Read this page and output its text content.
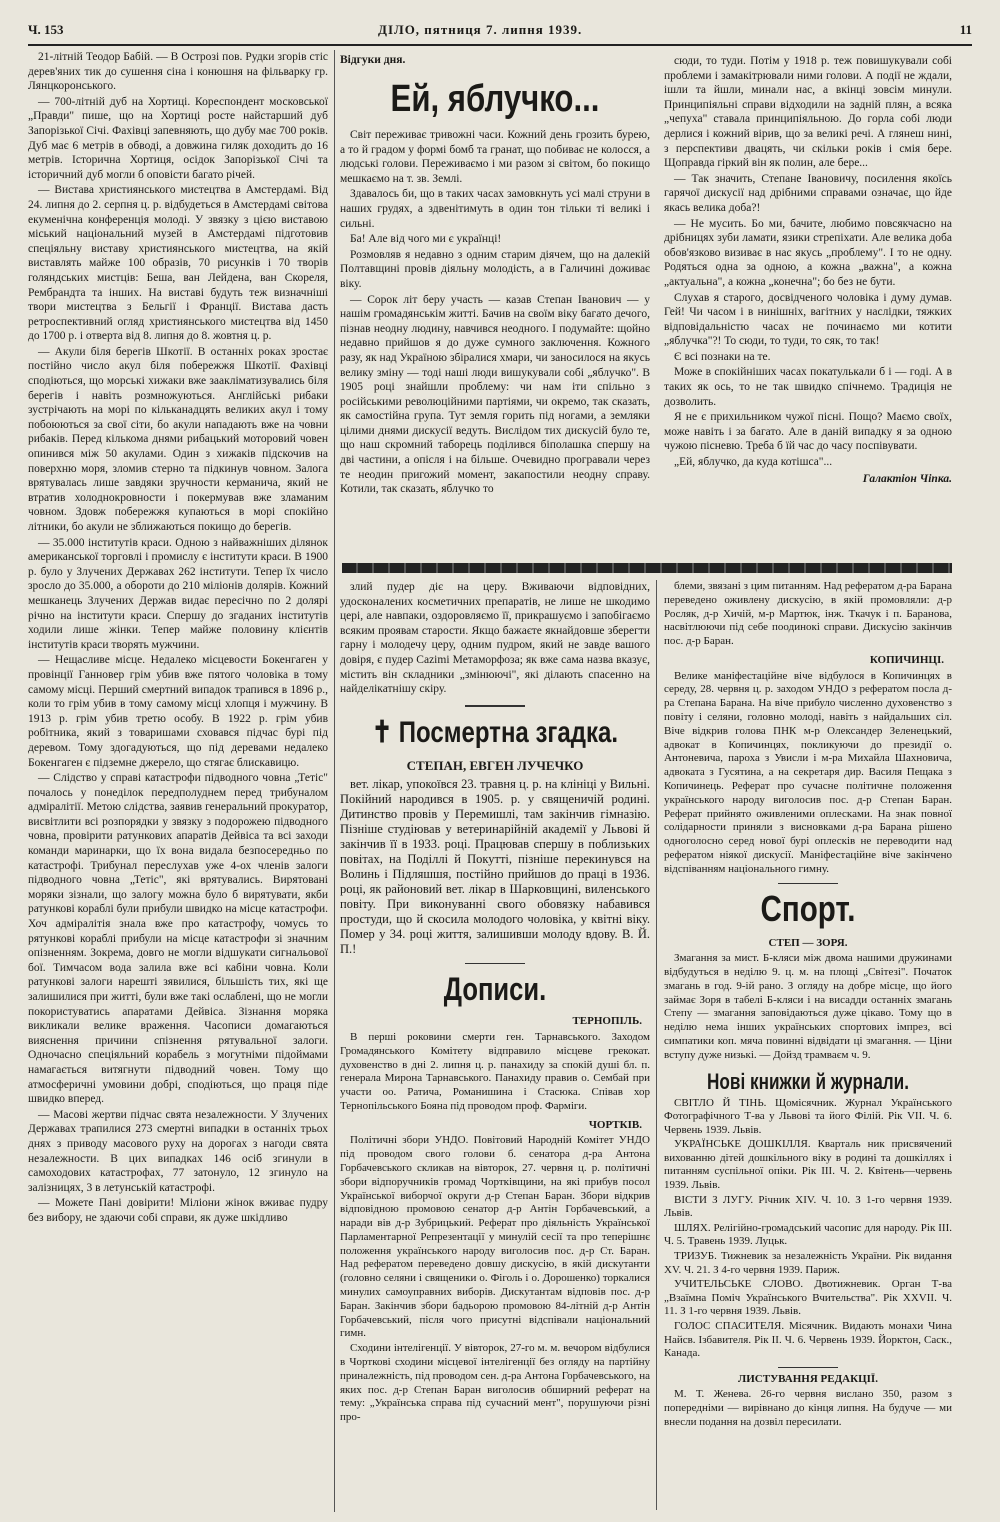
Ч. 153	ДІЛО, пятниця 7. липня 1939.	11

21-літній Теодор Бабій. — В Острозі пов. Рудки згорів стіс дерев'яних тик до сушення сіна і конюшня на фільварку гр. Лянцкоронського.

— 700-літній дуб на Хортиці. Кореспондент московської „Правди" пише, що на Хортиці росте найстарший дуб Запорізької Січі. Фахівці запевняють, що дубу має 700 років. Дуб має 6 метрів в обводі, а довжина гиляк доходить до 16 метрів. Історична Хортиця, осідок Запорізької Січі та історичний дуб могли б оповісти багато річей.

— Вистава християнського мистецтва в Амстердамі. Від 24. липня до 2. серпня ц. р. відбудеться в Амстердамі світова екуменічна конференція молоді. У звязку з цією виставою міський національний музей в Амстердамі підготовив спеціяльну виставу християнського мистецтва, на якій виставлять майже 100 образів, 70 рисунків і 70 творів голяндських мистців: Беша, ван Лейдена, ван Скореля, Рембрандта та інших. На виставі будуть теж визначніші твори мистецтва з Бельгії і Франції. Вистава дасть ретроспективний огляд християнського мистецтва від 1450 до 1700 р. і отверта від 8. липня до 8. жовтня ц. р.

— Акули біля берегів Шкотії. В останніх роках зростає постійно число акул біля побережжя Шкотії. Фахівці сподіються, що морські хижаки вже заакліматизувались біля берегів і навіть розмножуються. Англійські рибаки зустрічають на морі по кільканадцять великих акул і тому побоюються за свої сіти, бо акули нападають вже на човни рибаків. Перед кількома днями рибацький моторовий човен опинився між 50 акулами. Один з хижаків підскочив на поверхню моря, зломив стерно та підкинув човном. Залога врятувалась лише завдяки зручности керманича, який не втратив холоднокровности і покермував вже зламаним човном. Здовж побережжя купаються в морі спокійно літники, бо акули не зближаються покищо до берегів.

— 35.000 інститутів краси. Одною з найважніших ділянок американської торговлі і промислу є інститути краси. В 1900 р. було у Злучених Державах 262 інститути. Тепер їх число зросло до 35.000, а обороти до 210 міліонів долярів. Кожний мешканець Злучених Держав видає пересічно по 2 долярі річно на інститути краси. Спершу до згаданих інститутів ходили лише жінки. Тепер майже половину клієнтів інститутів краси творять мужчини.

— Нещасливе місце. Недалеко місцевости Бокенгаген у провінції Ганновер грім убив вже пятого чоловіка в тому самому місці. Перший смертний випадок трапився в 1896 р., коли то грім убив в тому самому місці хлопця і мужчину. В 1913 р. грім убив третю особу. В 1922 р. грім убив робітника, який з товаришами сховався підчас бурі під деревом. Тому здогадуються, що під деревами недалеко Бокенгаген є підземне джерело, що стягає блискавицю.

— Слідство у справі катастрофи підводного човна „Тетіс" почалось у понеділок передполуднем перед трибуналом адміралітії. Метою слідства, заявив генеральний прокуратор, висвітлити всі розпорядки у звязку з подорожею підводного човна, провірити ратункових апаратів Дейвіса та всі заходи команди маринарки, що їх вона видала безпосередньо по катастрофі. Трибунал переслухав уже 4-ох членів залоги підводного човна „Тетіс", які врятувались. Вирятовані моряки зізнали, що залогу можна було б вирятувати, якби ратункові кораблі були прибули швидко на місце катастрофи. Хоч адміралітія знала вже про катастрофу, чомусь то рятункові кораблі прибули на місце катастрофи зі значним опізненням. Зокрема, довго не могли відшукати сигнальової бої. Тимчасом вода залила вже всі кабіни човна. Коли ратункові залоги нарешті зявилися, більшість тих, які ще залишилися при житті, були вже такі ослаблені, що не могли покористуватись апаратами Дейвіса. Зізнання моряка викликали велике враження. Часописи домагаються вияснення причини спізнення рятувальної залоги. Одночасно спеціяльний корабель з могутніми підоймами намагається витягнути підводний човен. Тому що атмосферичні умовини добрі, сподіються, що праця піде швидко вперед.

— Масові жертви підчас свята незалежности. У Злучених Державах трапилися 273 смертні випадки в останніх трьох днях з приводу масового руху на дорогах з нагоди свята незалежности. В цих випадках 146 осіб згинули в самоходових катастрофах, 77 затонуло, 12 згинуло на залізницях, 3 в летунській катастрофі.

— Можете Пані довірити! Міліони жінок вживає пудру без вибору, не здаючи собі справи, як дуже шкідливо

Відгуки дня.
Ей, яблучко...

Світ переживає тривожні часи. Кожний день грозить бурею, а то й градом у формі бомб та гранат, що побиває не колосся, а людські голови. Переживаємо і ми разом зі світом, бо покищо мешкаємо на т. зв. Землі.

Здавалось би, що в таких часах замовкнуть усі малі струни в наших грудях, а здвенітимуть в один тон тільки ті великі і сильні.

Ба! Але від чого ми є українці!

Розмовляв я недавно з одним старим діячем, що на далекій Полтавщині провів діяльну молодість, а в Галичині доживає віку.

— Сорок літ беру участь — казав Степан Іванович — у нашім громадянськім житті. Бачив на своїм віку багато дечого, пізнав неодну людину, навчився неодного. І подумайте: щойно недавно прийшов я до дуже сумного заключення. Кожного разу, як над Україною збіралися хмари, чи заносилося на якусь велику зміну — тоді наші люди вишукували собі „яблучко". В 1905 році знайшли проблему: чи нам іти спільно з російськими революційними партіями, чи окремо, так сказать, як самостійна група. Тут земля горить під ногами, а земляки цілими днями дискусії ведуть. Вислідом тих дискусій було те, що наш скромний таборець поділився біполашка спершу на дві частини, а опісля і на більше. Очевидно програвали через те неодин пригожий момент, закапостили неодну справу. Котили, так сказать, яблучко то

сюди, то туди. Потім у 1918 р. теж повишукували собі проблеми і замакітрювали ними голови. А події не ждали, ішли та йшли, минали нас, а вкінці зовсім минули. Принципіяльні справи відходили на задній плян, а всяка „чепуха" ставала принципіяльною. До горла собі люди дерлися і кожний вірив, що за великі речі. А глянеш нині, з перспективи двацять, чи скільки років і смія бере. Щоправда гіркий він як полин, але бере...

— Так значить, Степане Івановичу, посилення якоїсь гарячої дискусії над дрібними справами означає, що йде якась велика доба?!

— Не мусить. Бо ми, бачите, любимо повсякчасно на дрібницях зуби ламати, язики стрепіхати. Але велика доба обов'язково визиває в нас якусь „проблему". І то не одну. Родяться одна за одною, а кожна „важна", а кожна „актуальна", а кожна „конечна"; бо без не бути.

Слухав я старого, досвідченого чоловіка і думу думав. Гей! Чи часом і в нинішніх, вагітних у наслідки, тяжких відповідальністю часах не починаємо ми котити „яблучка"?! То сюди, то туди, то сяк, то так!

Є всі познаки на те.

Може в спокійніших часах покатулькали б і — годі. А в таких як ось, то не так швидко спічнемо. Традиція не дозволить.

Я не є прихильником чужої пісні. Пощо? Маємо своїх, може навіть і за багато. Але в даній випадку я за одною чужою пісневю. Треба б їй час до часу поспівувати.

„Ей, яблучко, да куда котішса"...

Галактіон Чіпка.

злий пудер діє на церу. Вживаючи відповідних, удосконалених косметичних препаратів, не лише не шкодимо цері, але навпаки, оздоровляємо її, прикрашуємо і запобігаємо всяким проявам старости. Якщо бажаєте якнайдовше зберегти гарну і молодечу церу, одним пудром, який не завде вашого довіря, є пудер Cazimi Метаморфоза; як вже сама назва вказує, містить він складники „змінюючі", які ділають спасенно на найделікатнішу скіру.

✝ Посмертна згадка.
СТЕПАН, ЕВГЕН ЛУЧЕЧКО

вет. лікар, упокоївся 23. травня ц. р. на клініці у Вильні. Покійний народився в 1905. р. у священичій родині. Дитинство провів у Перемишлі, там закінчив гімназію. Пізніше студіював у ветеринарійній академії у Львові й закінчив її в 1933. році. Працював спершу в поблизьких повітах, на Поділлі й Покутті, пізніше перекинувся на Волинь і Підляшшя, постійно прийшов до праці в 1936. році, як районовий вет. лікар в Шарковщині, виленського повіту. При виконуванні свого обовязку набавився простуди, що й скосила молодого чоловіка, у квітні віку. Помер у 34. році життя, залишивши молоду вдову. В. Й. П.!

Дописи.
ТЕРНОПІЛЬ.

В перші роковини смерти ген. Тарнавського. Заходом Громадянського Комітету відправило місцеве грекокат. духовенство в дні 2. липня ц. р. панахиду за спокій душі бл. п. генерала Мирона Тарнавського. Панахиду правив о. Сембай при участи оо. Ратича, Романишина і Стасюка. Співав хор Тернопільського Бояна під проводом проф. Фарміги.

ЧОРТКІВ.

Політичні збори УНДО. Повітовий Народній Комітет УНДО під проводом свого голови б. сенатора д-ра Антона Горбачевського скликав на вівторок, 27. червня ц. р. політичні збори відпоручників громад Чортківщини, на які прибув посол Української виборчої округи д-р Степан Баран. Збори відкрив відповідною промовою сенатор д-р Антін Горбачевський, а наради вів д-р Зубрицький. Реферат про діяльність Української Парламентарної Репрезентації у минулій сесії та про теперішнє положення українського народу виголосив пос. д-р Ст. Баран. Над рефератом переведено довшу дискусію, в якій дискутанти (головно селяни і священики о. Фіголь і о. Дорошенко) торкалися минулих самоуправних виборів. Дискутантам відповів пос. д-р Баран. Закінчив збори бадьорою промовою 84-літній д-р Антін Горбачевський, після чого присутні відспівали національний гимн.

Сходини інтелігенції. У вівторок, 27-го м. м. вечором відбулися в Чорткові сходини місцевої інтелігенції без огляду на партійну приналежність, під проводом сен. д-ра Антона Горбачевського, на яких пос. д-р Степан Баран виголосив обширний реферат на тему: „Українська справа під сучасний мент", порушуючи різні про-

блеми, звязані з цим питанням. Над рефератом д-ра Барана переведено оживлену дискусію, в якій промовляли: д-р Росляк, д-р Хичій, м-р Мартюк, інж. Ткачук і п. Баранова, насвітлюючи під себе поодинокі справи. Дискусію закінчив пос. д-р Баран.

КОПИЧИНЦІ.

Велике маніфестаційне віче відбулося в Копичинцях в середу, 28. червня ц. р. заходом УНДО з рефератом посла д-ра Степана Барана. На віче прибуло численно духовенство з повіту і селяни, головно молоді, навіть з найдальших сіл. Віче відкрив голова ПНК м-р Олександер Зеленецький, адвокат в Копичинцях, покликуючи до президії о. Антоневича, пароха з Увисли і м-ра Михайла Шахновича, адвоката з Гусятина, а на секретаря дир. Василя Пещака з Копичинець. Реферат про сучасне політичне положення українського народу виголосив пос. д-р Степан Баран. Реферат прийнято оживленими оплесками. На знак повної солідарности приняли з висновками д-ра Барана рішено одноголосно серед нової бурі оплесків не переводити над рефератом ніякої дискусії. Маніфестаційне віче закінчено відспіванням національного гимну.

Спорт.
СТЕП — ЗОРЯ.

Змагання за мист. Б-кляси між двома нашими дружинами відбудуться в неділю 9. ц. м. на площі „Світезі". Початок змагань в год. 9-ій рано. З огляду на добре місце, що його займає Зоря в табелі Б-кляси і на висадди останніх змагань Степу — змагання заповідаються дуже цікаво. Тому що в неділю нема інших українських спортових імпрез, всі симпатики коп. мяча повинні відвідати ці змагання. — Ціни вступу дуже низькі. — Дойзд трамваєм ч. 9.

Нові книжки й журнали.

СВІТЛО Й ТІНЬ. Щомісячник. Журнал Українського Фотографічного Т-ва у Львові та його Філій. Рік VII. Ч. 6. Червень 1939. Львів.

УКРАЇНСЬКЕ ДОШКІЛЛЯ. Кварталь ник присвячений вихованню дітей дошкільного віку в родині та дошкіллях і питанням суспільної опіки. Рік III. Ч. 2. Квітень—червень 1939. Львів.

ВІСТИ З ЛУГУ. Річник XIV. Ч. 10. З 1-го червня 1939. Львів.

ШЛЯХ. Релігійно-громадський часопис для народу. Рік III. Ч. 5. Травень 1939. Луцьк.

ТРИЗУБ. Тижневик за незалежність України. Рік видання XV. Ч. 21. З 4-го червня 1939. Париж.

УЧИТЕЛЬСЬКЕ СЛОВО. Двотижневик. Орган Т-ва „Взаїмна Поміч Українського Вчительства". Рік XXVII. Ч. 11. З 1-го червня 1939. Львів.

ГОЛОС СПАСИТЕЛЯ. Місячник. Видають монахи Чина Найсв. Ізбавителя. Рік II. Ч. 6. Червень 1939. Йорктон, Саск., Канада.

ЛИСТУВАННЯ РЕДАКЦІЇ.

М. Т. Женева. 26-го червня вислано 350, разом з попередніми — вирівнано до кінця липня. На будуче — ми внесли подання на дозвіл пересилати.
